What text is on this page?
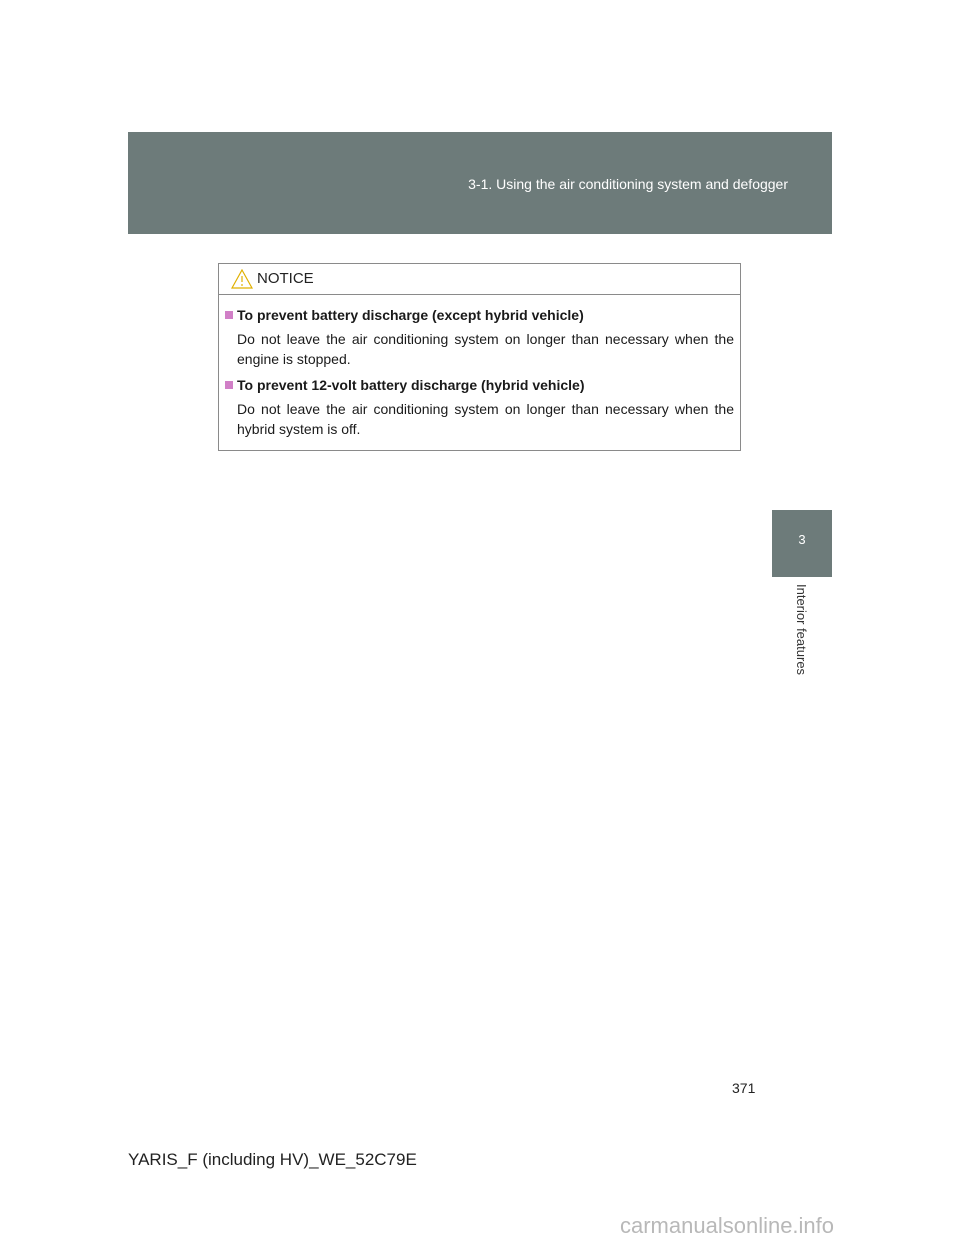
3-1. Using the air conditioning system and defogger
3
Interior features
NOTICE
To prevent battery discharge (except hybrid vehicle)
Do not leave the air conditioning system on longer than necessary when the engine is stopped.
To prevent 12-volt battery discharge (hybrid vehicle)
Do not leave the air conditioning system on longer than necessary when the hybrid system is off.
371
YARIS_F (including HV)_WE_52C79E
carmanualsonline.info
